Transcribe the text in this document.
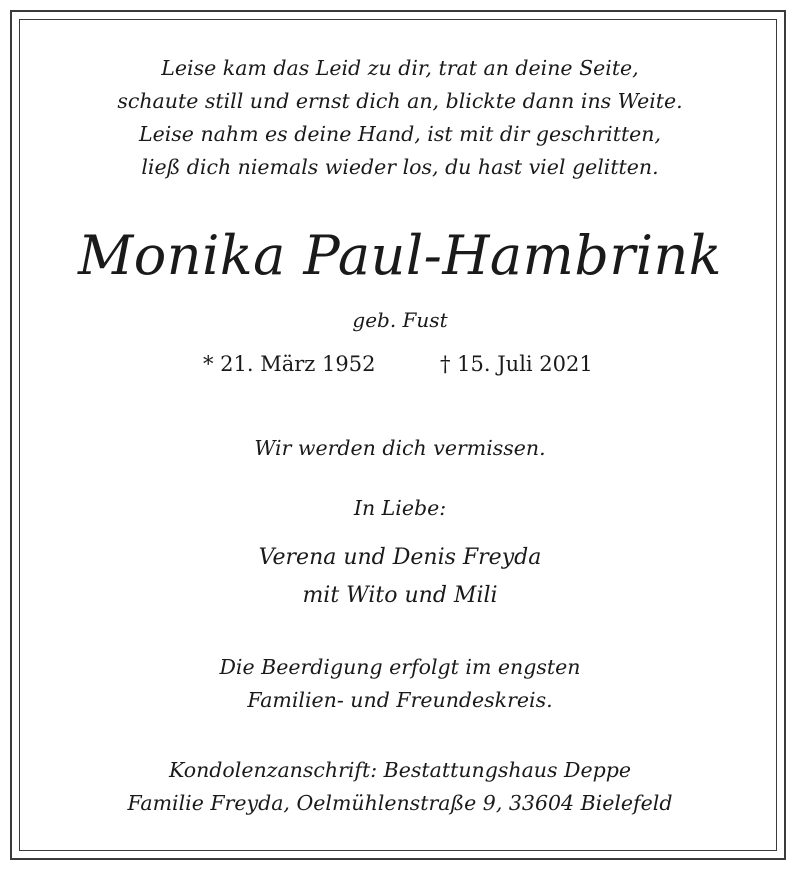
Leise kam das Leid zu dir, trat an deine Seite,
schaute still und ernst dich an, blickte dann ins Weite.
Leise nahm es deine Hand, ist mit dir geschritten,
ließ dich niemals wieder los, du hast viel gelitten.
Monika Paul-Hambrink
geb. Fust
* 21. März 1952	† 15. Juli 2021
Wir werden dich vermissen.
In Liebe:
Verena und Denis Freyda
mit Wito und Mili
Die Beerdigung erfolgt im engsten
Familien- und Freundeskreis.
Kondolenzanschrift: Bestattungshaus Deppe
Familie Freyda, Oelmühlenstraße 9, 33604 Bielefeld
